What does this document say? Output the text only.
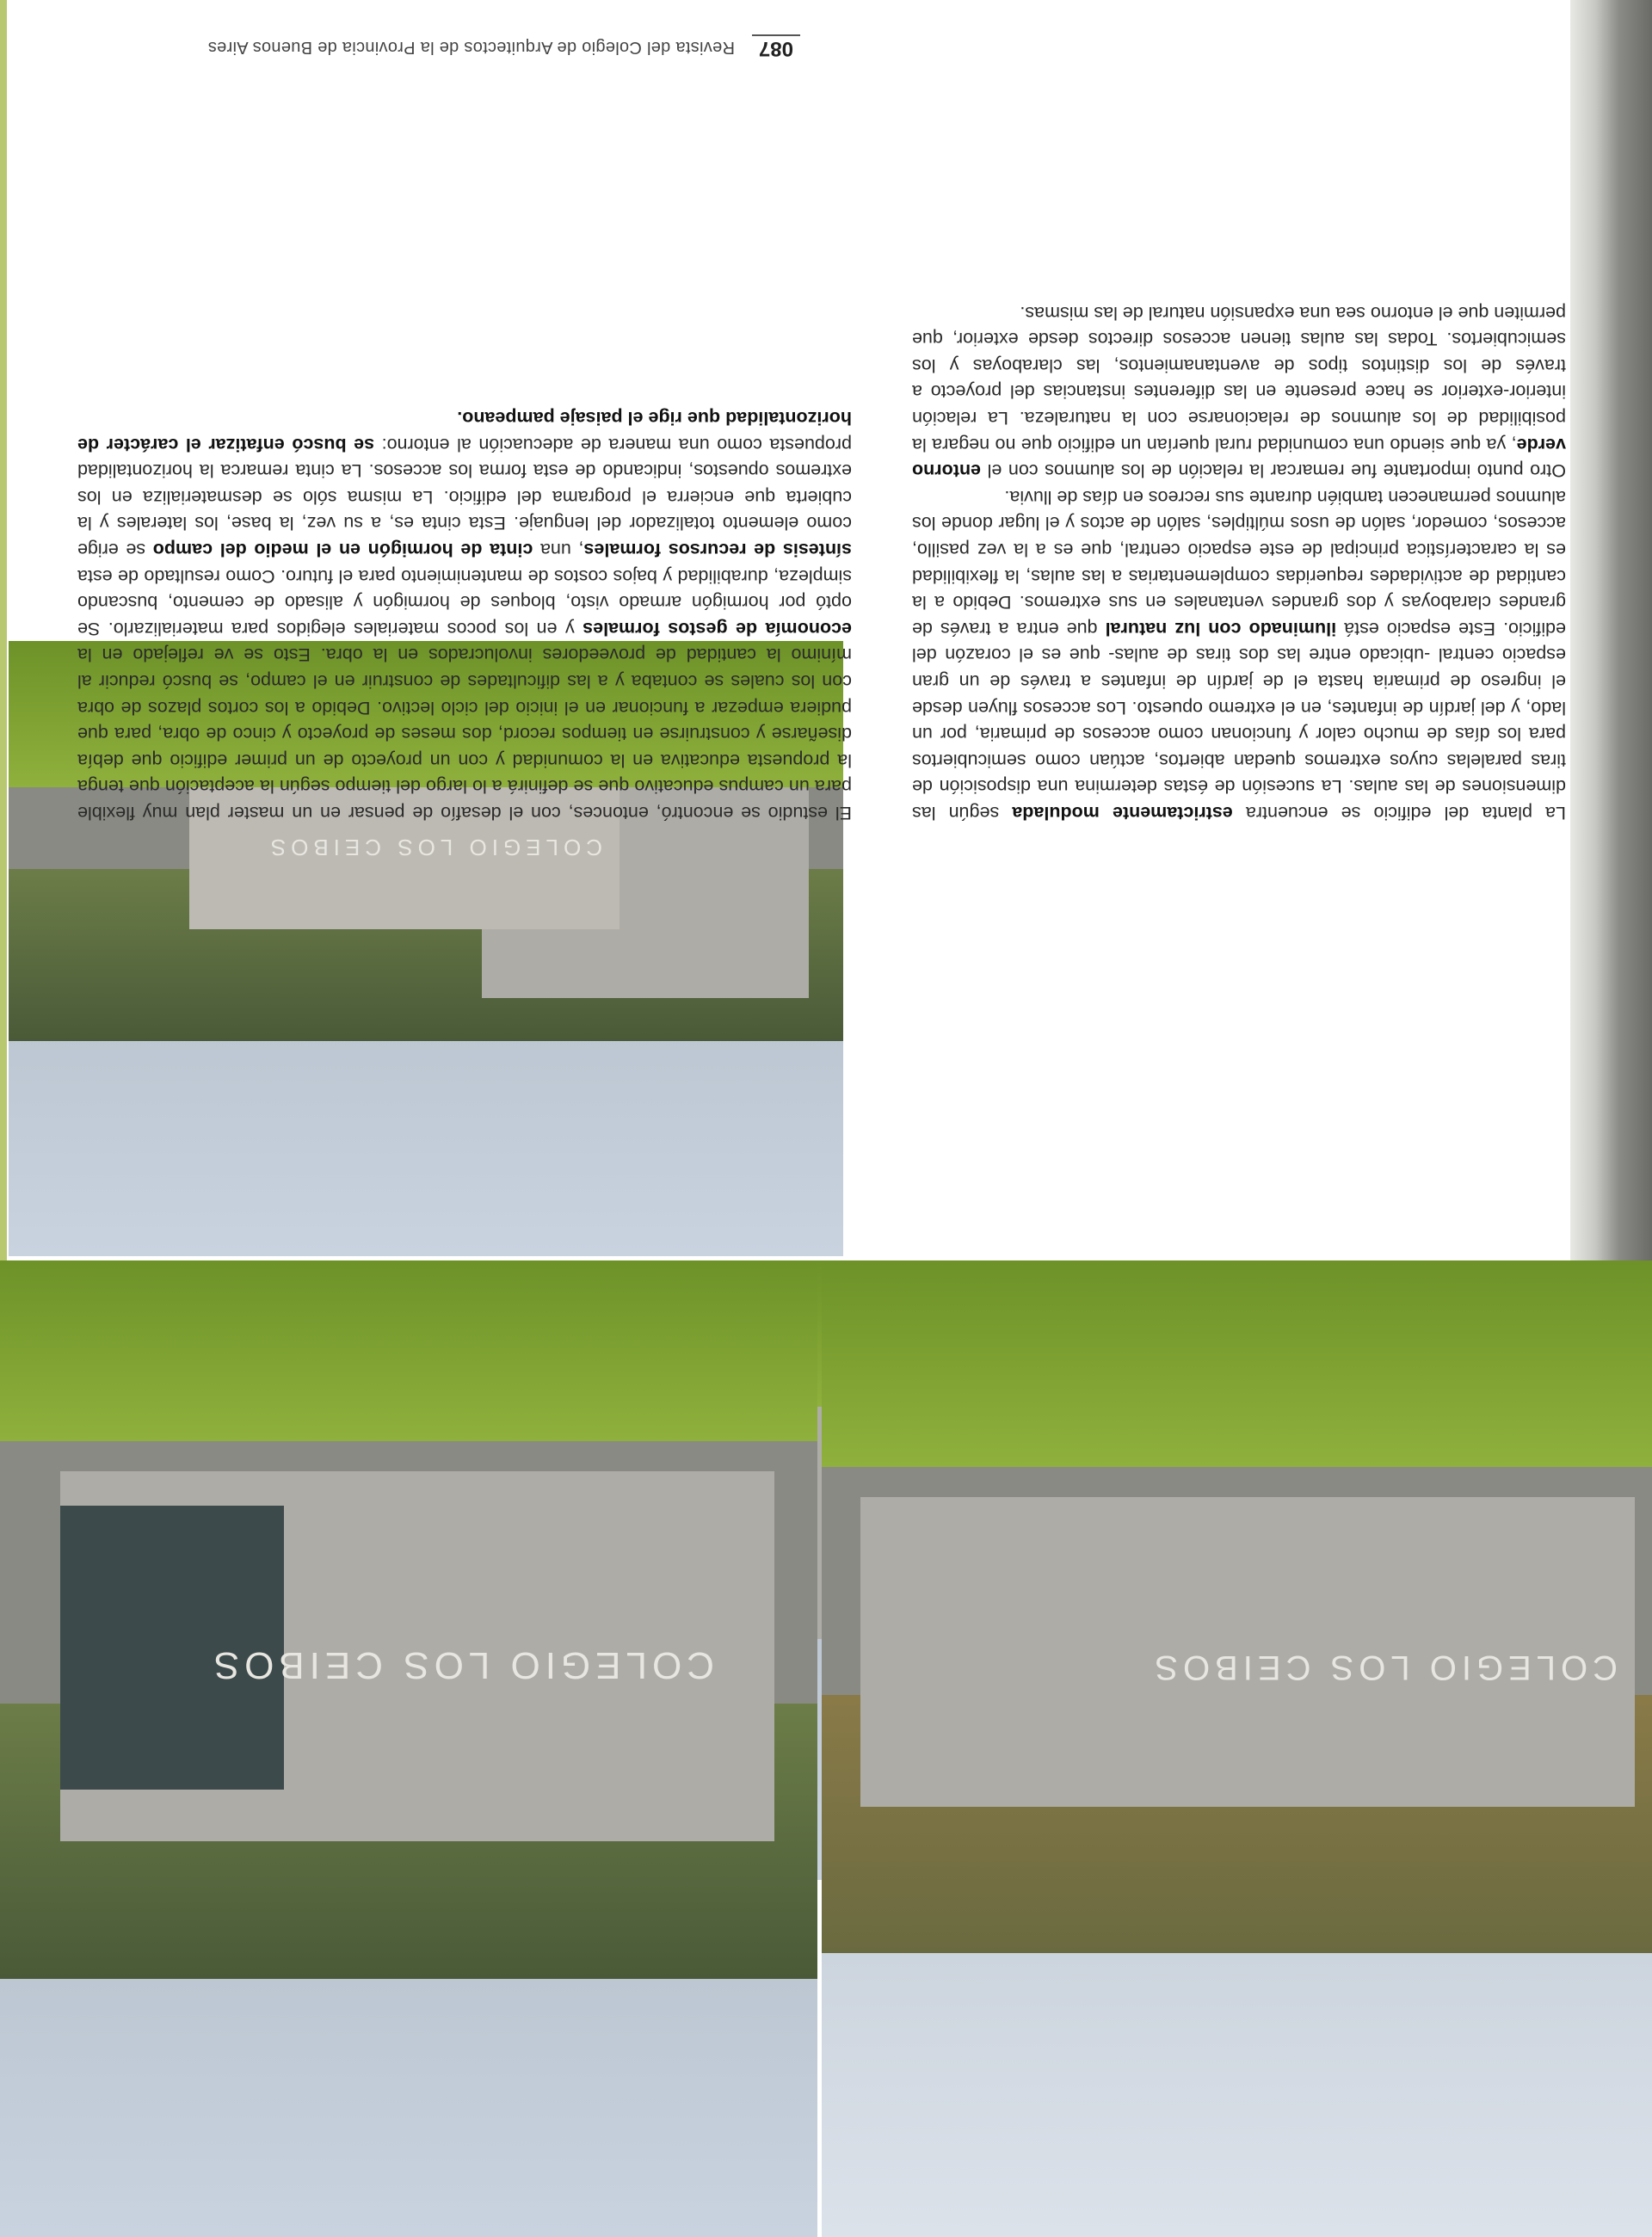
087
Revista del Colegio de Arquitectos de la Provincia de Buenos Aires
COLEGIO LOS CEIBOS
COLEGIO LOS CEIBOS	COLEGIO LOS CEIBOS

El estudio se encontró, entonces, con el desafío de pensar en un master plan muy flexible para un campus educativo que se definirá a lo largo del tiempo según la aceptación que tenga la propuesta educativa en la comunidad y con un proyecto de un primer edificio que debía diseñarse y construirse en tiempos record, dos meses de proyecto y cinco de obra, para que pudiera empezar a funcionar en el inicio del ciclo lectivo. Debido a los cortos plazos de obra con los cuales se contaba y a las dificultades de construir en el campo, se buscó reducir al mínimo la cantidad de proveedores involucrados en la obra. Esto se ve reflejado en la economía de gestos formales y en los pocos materiales elegidos para materializarlo. Se optó por hormigón armado visto, bloques de hormigón y alisado de cemento, buscando simpleza, durabilidad y bajos costos de mantenimiento para el futuro. Como resultado de esta síntesis de recursos formales, una cinta de hormigón en el medio del campo se erige como elemento totalizador del lenguaje. Esta cinta es, a su vez, la base, los laterales y la cubierta que encierra el programa del edificio. La misma sólo se desmaterializa en los extremos opuestos, indicando de esta forma los accesos. La cinta remarca la horizontalidad propuesta como una manera de adecuación al entorno: se buscó enfatizar el carácter de horizontalidad que rige el paisaje pampeano.

La planta del edificio se encuentra estrictamente modulada según las dimensiones de las aulas. La sucesión de éstas determina una disposición de tiras paralelas cuyos extremos quedan abiertos, actúan como semicubiertos para los días de mucho calor y funcionan como accesos de primaria, por un lado, y del jardín de infantes, en el extremo opuesto. Los accesos fluyen desde el ingreso de primaria hasta el de jardín de infantes a través de un gran espacio central -ubicado entre las dos tiras de aulas- que es el corazón del edificio. Este espacio está iluminado con luz natural que entra a través de grandes claraboyas y dos grandes ventanales en sus extremos. Debido a la cantidad de actividades requeridas complementarias a las aulas, la flexibilidad es la característica principal de este espacio central, que es a la vez pasillo, accesos, comedor, salón de usos múltiples, salón de actos y el lugar donde los alumnos permanecen también durante sus recreos en días de lluvia.
Otro punto importante fue remarcar la relación de los alumnos con el entorno verde, ya que siendo una comunidad rural querían un edificio que no negara la posibilidad de los alumnos de relacionarse con la naturaleza. La relación interior-exterior se hace presente en las diferentes instancias del proyecto a través de los distintos tipos de aventanamientos, las claraboyas y los semicubiertos. Todas las aulas tienen accesos directos desde exterior, que permiten que el entorno sea una expansión natural de las mismas.
